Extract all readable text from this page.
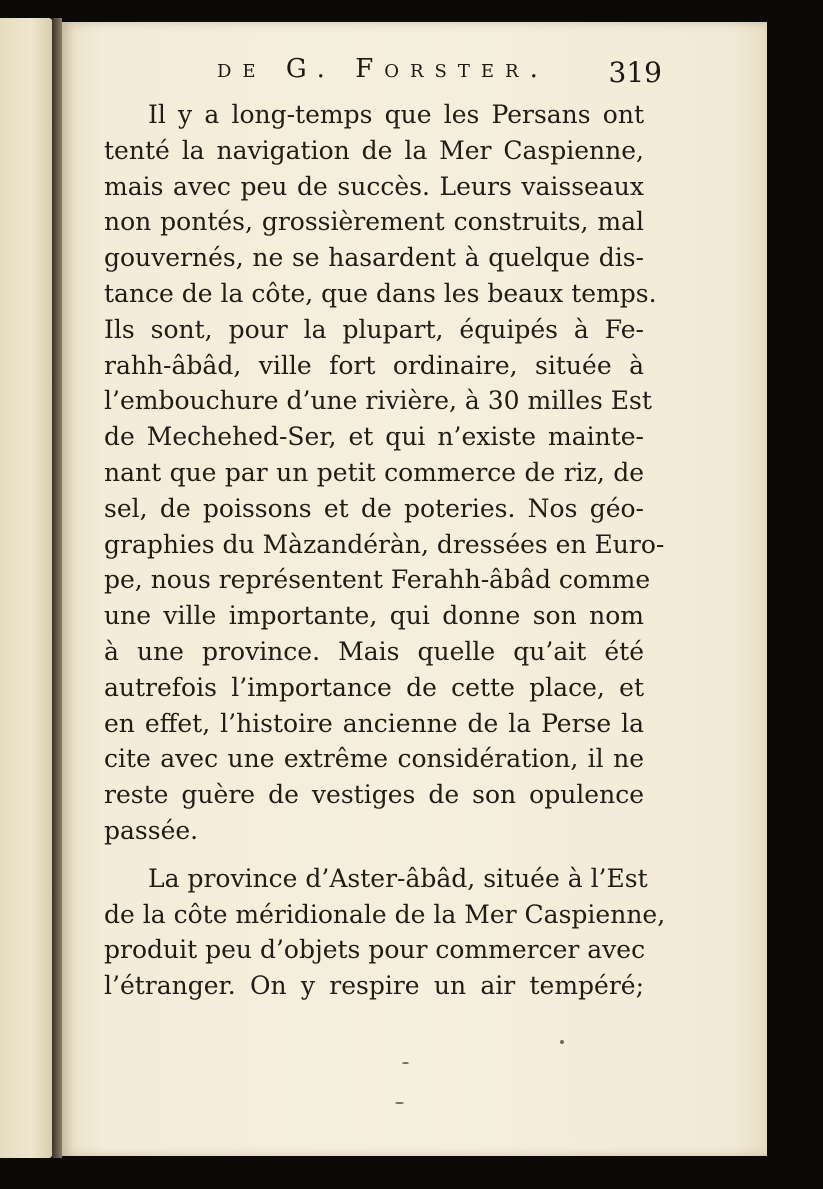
de G. Forster. 319
Il y a long-temps que les Persans ont
tenté la navigation de la Mer Caspienne,
mais avec peu de succès. Leurs vaisseaux
non pontés, grossièrement construits, mal
gouvernés, ne se hasardent à quelque dis-
tance de la côte, que dans les beaux temps.
Ils sont, pour la plupart, équipés à Fe-
rahh-âbâd, ville fort ordinaire, située à
l’embouchure d’une rivière, à 30 milles Est
de Mechehed-Ser, et qui n’existe mainte-
nant que par un petit commerce de riz, de
sel, de poissons et de poteries. Nos géo-
graphies du Màzandéràn, dressées en Euro-
pe, nous représentent Ferahh-âbâd comme
une ville importante, qui donne son nom
à une province. Mais quelle qu’ait été
autrefois l’importance de cette place, et
en effet, l’histoire ancienne de la Perse la
cite avec une extrême considération, il ne
reste guère de vestiges de son opulence
passée.
La province d’Aster-âbâd, située à l’Est
de la côte méridionale de la Mer Caspienne,
produit peu d’objets pour commercer avec
l’étranger. On y respire un air tempéré;
